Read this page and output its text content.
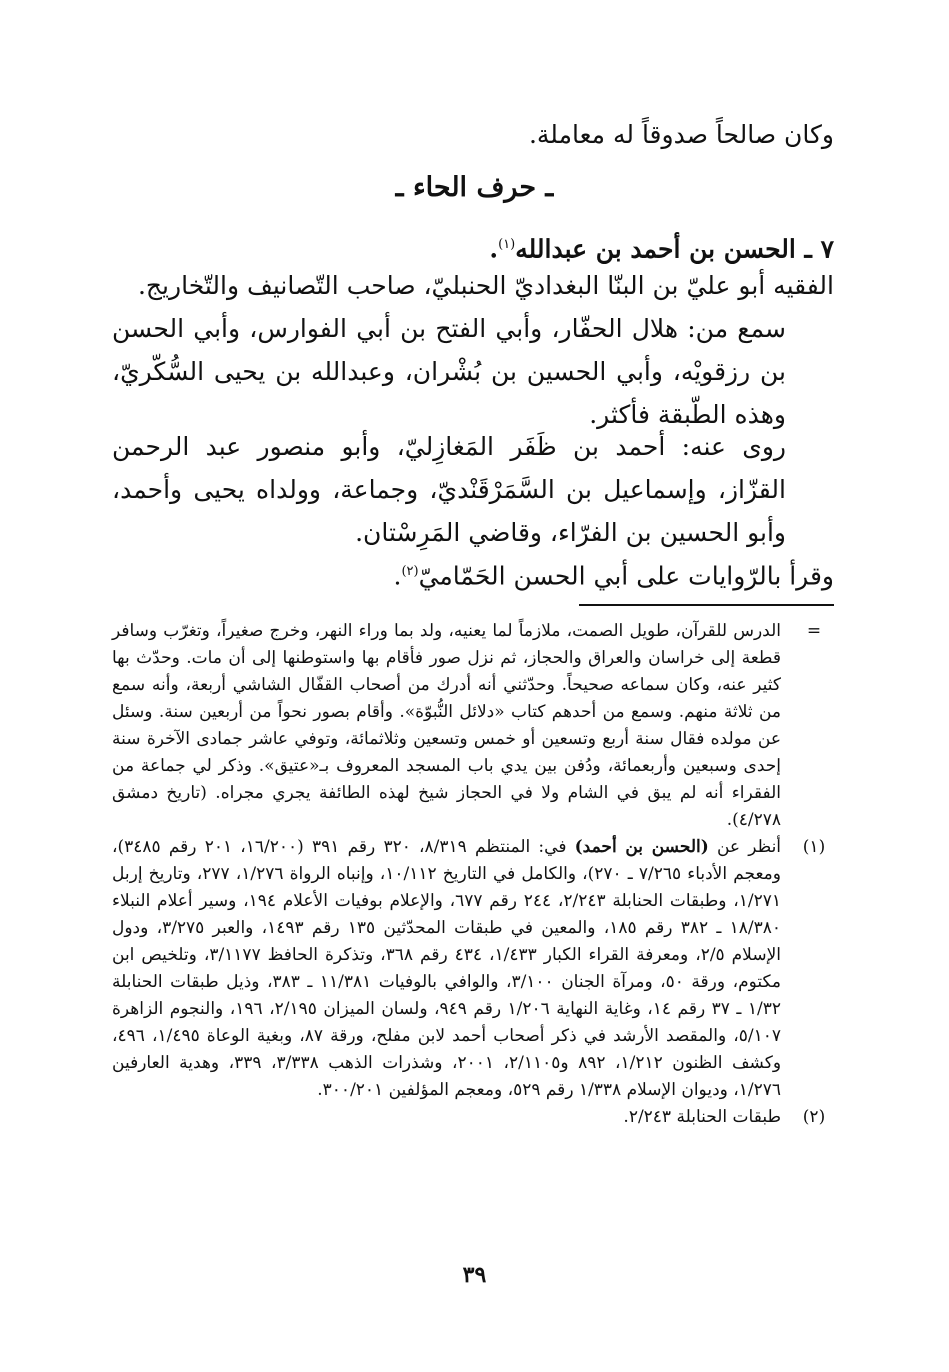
وكان صالحاً صدوقاً له معاملة.
ـ حرف الحاء ـ
٧ ـ الحسن بن أحمد بن عبدالله$^{(١)}$.
الفقيه أبو عليّ بن البنّا البغداديّ الحنبليّ، صاحب التّصانيف والتّخاريج.
سمع من: هلال الحفّار، وأبي الفتح بن أبي الفوارس، وأبي الحسن بن رزقويْه، وأبي الحسين بن بُشْران، وعبدالله بن يحيى السُّكّريّ، وهذه الطّبقة فأكثر.
روى عنه: أحمد بن ظَفَر المَغازِليّ، وأبو منصور عبد الرحمن القزّاز، وإسماعيل بن السَّمَرْقَنْديّ، وجماعة، وولداه يحيى وأحمد، وأبو الحسين بن الفرّاء، وقاضي المَرِسْتان.
وقرأ بالرّوايات على أبي الحسن الحَمّاميّ$^{(٢)}$.
=
الدرس للقرآن، طويل الصمت، ملازماً لما يعنيه، ولد بما وراء النهر، وخرج صغيراً، وتغرّب وسافر قطعة إلى خراسان والعراق والحجاز، ثم نزل صور فأقام بها واستوطنها إلى أن مات. وحدّث بها كثير عنه، وكان سماعه صحيحاً. وحدّثني أنه أدرك من أصحاب القفّال الشاشي أربعة، وأنه سمع من ثلاثة منهم. وسمع من أحدهم كتاب «دلائل النُّبوّة». وأقام بصور نحواً من أربعين سنة. وسئل عن مولده فقال سنة أربع وتسعين أو خمس وتسعين وثلاثمائة، وتوفي عاشر جمادى الآخرة سنة إحدى وسبعين وأربعمائة، ودُفن بين يدي باب المسجد المعروف بـ«عتيق». وذكر لي جماعة من الفقراء أنه لم يبق في الشام ولا في الحجاز شيخ لهذه الطائفة يجري مجراه. (تاريخ دمشق ٤/٢٧٨).
(١)
أنظر عن (الحسن بن أحمد) في: المنتظم ٨/٣١٩، ٣٢٠ رقم ٣٩١ (١٦/٢٠٠، ٢٠١ رقم ٣٤٨٥)، ومعجم الأدباء ٧/٢٦٥ ـ ٢٧٠)، والكامل في التاريخ ١٠/١١٢، وإنباه الرواة ١/٢٧٦، ٢٧٧، وتاريخ إربل ١/٢٧١، وطبقات الحنابلة ٢/٢٤٣، ٢٤٤ رقم ٦٧٧، والإعلام بوفيات الأعلام ١٩٤، وسير أعلام النبلاء ١٨/٣٨٠ ـ ٣٨٢ رقم ١٨٥، والمعين في طبقات المحدّثين ١٣٥ رقم ١٤٩٣، والعبر ٣/٢٧٥، ودول الإسلام ٢/٥، ومعرفة القراء الكبار ١/٤٣٣، ٤٣٤ رقم ٣٦٨، وتذكرة الحافظ ٣/١١٧٧، وتلخيص ابن مكتوم، ورقة ٥٠، ومرآة الجنان ٣/١٠٠، والوافي بالوفيات ١١/٣٨١ ـ ٣٨٣، وذيل طبقات الحنابلة ١/٣٢ ـ ٣٧ رقم ١٤، وغاية النهاية ١/٢٠٦ رقم ٩٤٩، ولسان الميزان ٢/١٩٥، ١٩٦، والنجوم الزاهرة ٥/١٠٧، والمقصد الأرشد في ذكر أصحاب أحمد لابن مفلح، ورقة ٨٧، وبغية الوعاة ١/٤٩٥، ٤٩٦، وكشف الظنون ١/٢١٢، ٨٩٢ و٢/١١٠٥، ٢٠٠١، وشذرات الذهب ٣/٣٣٨، ٣٣٩، وهدية العارفين ١/٢٧٦، وديوان الإسلام ١/٣٣٨ رقم ٥٢٩، ومعجم المؤلفين ٣٠٠/٢٠١.
(٢)
طبقات الحنابلة ٢/٢٤٣.
٣٩
